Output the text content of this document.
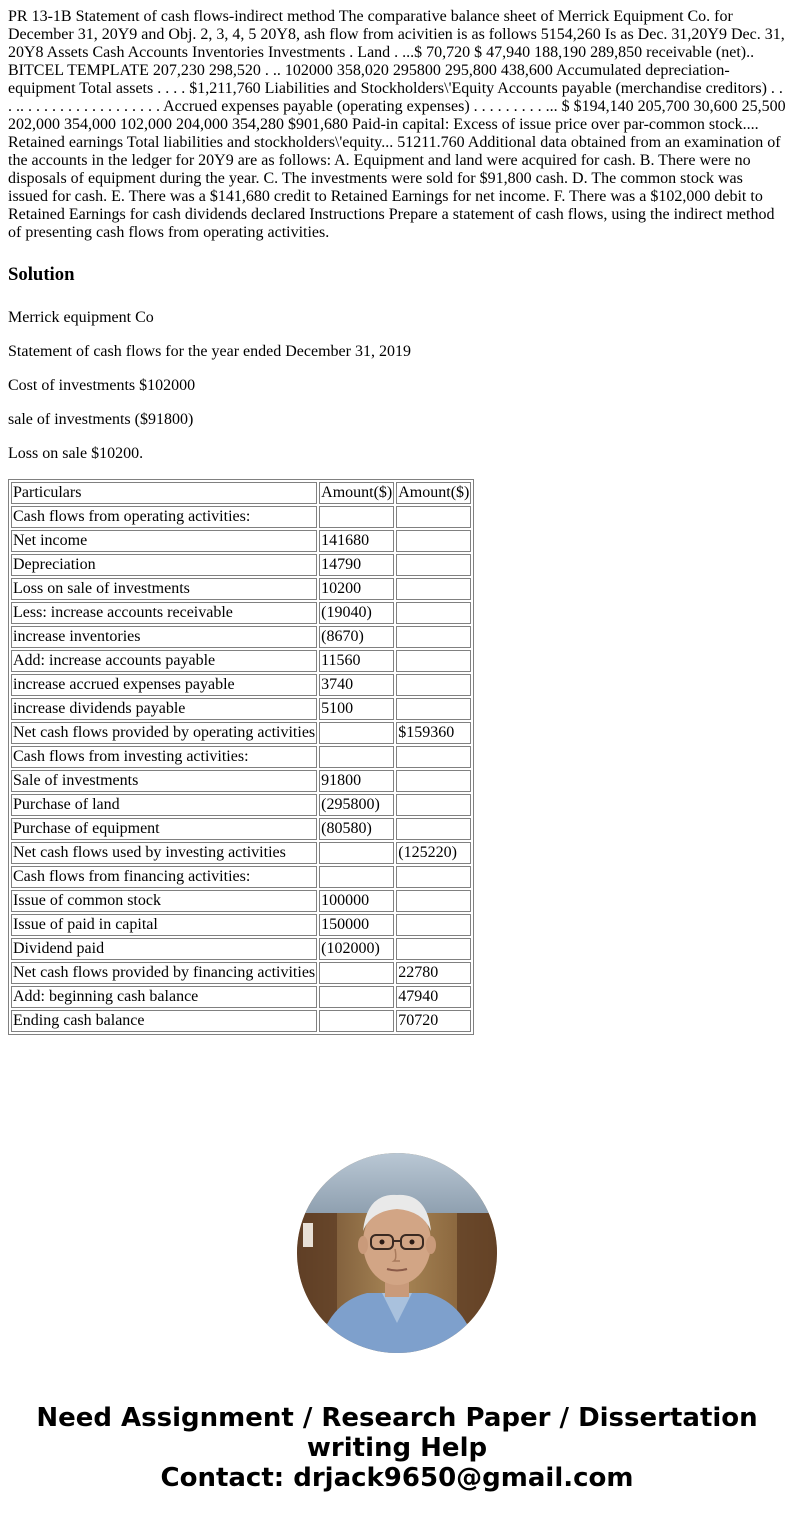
PR 13-1B Statement of cash flows-indirect method The comparative balance sheet of Merrick Equipment Co. for December 31, 20Y9 and Obj. 2, 3, 4, 5 20Y8, ash flow from acivitien is as follows 5154,260 Is as Dec. 31,20Y9 Dec. 31, 20Y8 Assets Cash Accounts Inventories Investments . Land . ...$ 70,720 $ 47,940 188,190 289,850 receivable (net).. BITCEL TEMPLATE 207,230 298,520 . .. 102000 358,020 295800 295,800 438,600 Accumulated depreciation-equipment Total assets . . . . $1,211,760 Liabilities and Stockholders\'Equity Accounts payable (merchandise creditors) . . . .. . . . . . . . . . . . . . . . . . Accrued expenses payable (operating expenses) . . . . . . . . . ... $ $194,140 205,700 30,600 25,500 202,000 354,000 102,000 204,000 354,280 $901,680 Paid-in capital: Excess of issue price over par-common stock.... Retained earnings Total liabilities and stockholders\'equity... 51211.760 Additional data obtained from an examination of the accounts in the ledger for 20Y9 are as follows: A. Equipment and land were acquired for cash. B. There were no disposals of equipment during the year. C. The investments were sold for $91,800 cash. D. The common stock was issued for cash. E. There was a $141,680 credit to Retained Earnings for net income. F. There was a $102,000 debit to Retained Earnings for cash dividends declared Instructions Prepare a statement of cash flows, using the indirect method of presenting cash flows from operating activities.

Solution

Merrick equipment Co

Statement of cash flows for the year ended December 31, 2019

Cost of investments $102000

sale of investments ($91800)

Loss on sale $10200.

Particulars	Amount($)	Amount($)
Cash flows from operating activities:		
Net income	141680	
Depreciation	14790	
Loss on sale of investments	10200	
Less: increase accounts receivable	(19040)	
increase inventories	(8670)	
Add: increase accounts payable	11560	
increase accrued expenses payable	3740	
increase dividends payable	5100	
Net cash flows provided by operating activities		$159360
Cash flows from investing activities:		
Sale of investments	91800	
Purchase of land	(295800)	
Purchase of equipment	(80580)	
Net cash flows used by investing activities		(125220)
Cash flows from financing activities:		
Issue of common stock	100000	
Issue of paid in capital	150000	
Dividend paid	(102000)	
Net cash flows provided by financing activities		22780
Add: beginning cash balance		47940
Ending cash balance		70720
Need Assignment / Research Paper / Dissertation
writing Help
Contact: drjack9650@gmail.com
